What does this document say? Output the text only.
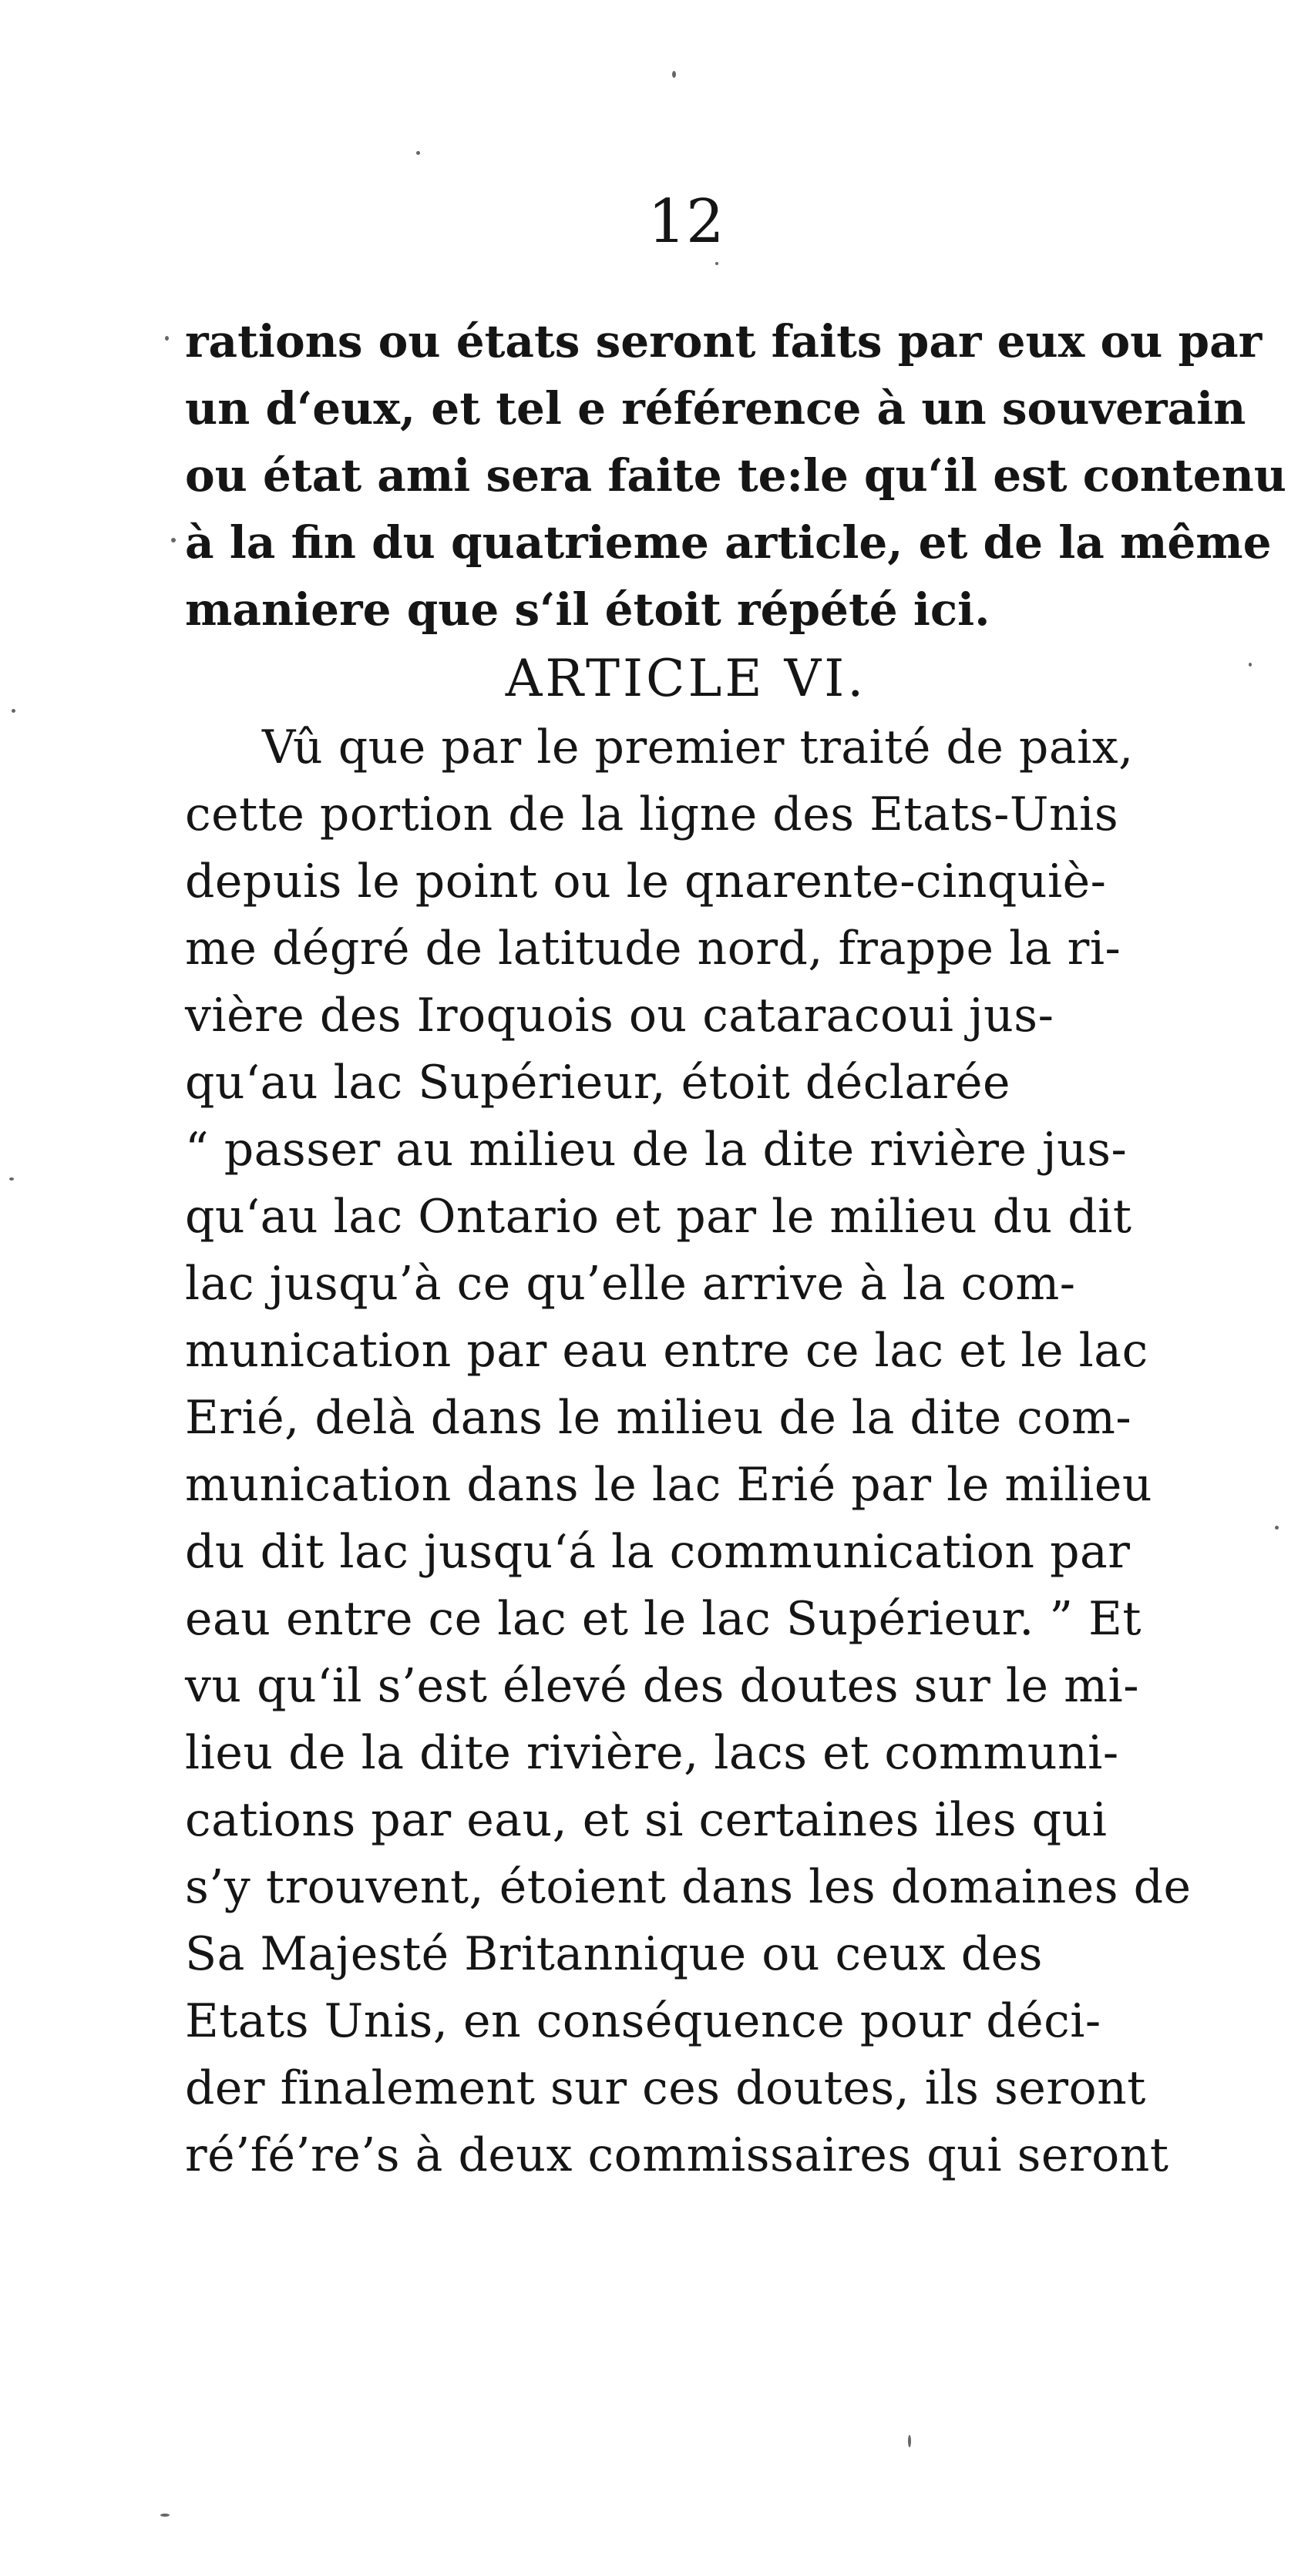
12
rations ou états seront faits par eux ou par
un d‘eux, et tel e référence à un souverain
ou état ami sera faite te:le qu‘il est contenu
à la fin du quatrieme article, et de la même
maniere que s‘il étoit répété ici.
ARTICLE VI.
Vû que par le premier traité de paix,
cette portion de la ligne des Etats-Unis
depuis le point ou le qnarente-cinquiè-
me dégré de latitude nord, frappe la ri-
vière des Iroquois ou cataracoui jus-
qu‘au lac Supérieur, étoit déclarée
“ passer au milieu de la dite rivière jus-
qu‘au lac Ontario et par le milieu du dit
lac jusqu’à ce qu’elle arrive à la com-
munication par eau entre ce lac et le lac
Erié, delà dans le milieu de la dite com-
munication dans le lac Erié par le milieu
du dit lac jusqu‘á la communication par
eau entre ce lac et le lac Supérieur. ” Et
vu qu‘il s’est élevé des doutes sur le mi-
lieu de la dite rivière, lacs et communi-
cations par eau, et si certaines iles qui
s’y trouvent, étoient dans les domaines de
Sa Majesté Britannique ou ceux des
Etats Unis, en conséquence pour déci-
der finalement sur ces doutes, ils seront
ré’fé’re’s à deux commissaires qui seront
